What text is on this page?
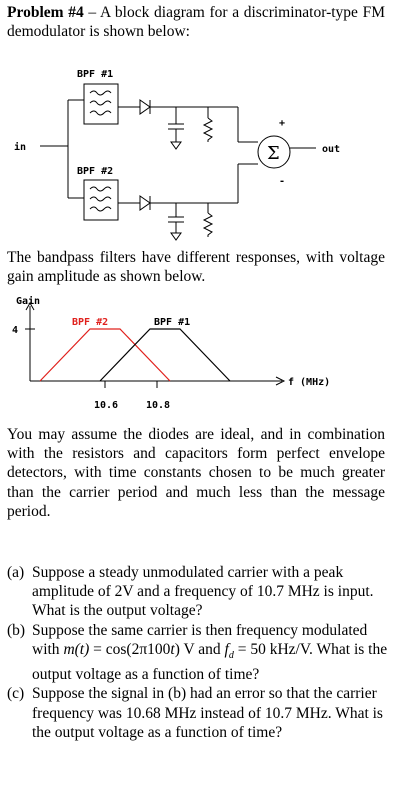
Problem #4 – A block diagram for a discriminator-type FM demodulator is shown below:
BPF #1
BPF #2
in	out
Σ
+
-
The bandpass filters have different responses, with voltage gain amplitude as shown below.
Gain
4
f (MHz)
10.6	10.8
BPF #2	BPF #1
You may assume the diodes are ideal, and in combination with the resistors and capacitors form perfect envelope detectors, with time constants chosen to be much greater than the carrier period and much less than the message period.
(a) Suppose a steady unmodulated carrier with a peak amplitude of 2V and a frequency of 10.7 MHz is input. What is the output voltage?
(b) Suppose the same carrier is then frequency modulated with m(t) = cos(2π100t) V and $f_d = 50$ kHz/V. What is the output voltage as a function of time?
(c) Suppose the signal in (b) had an error so that the carrier frequency was 10.68 MHz instead of 10.7 MHz. What is the output voltage as a function of time?
